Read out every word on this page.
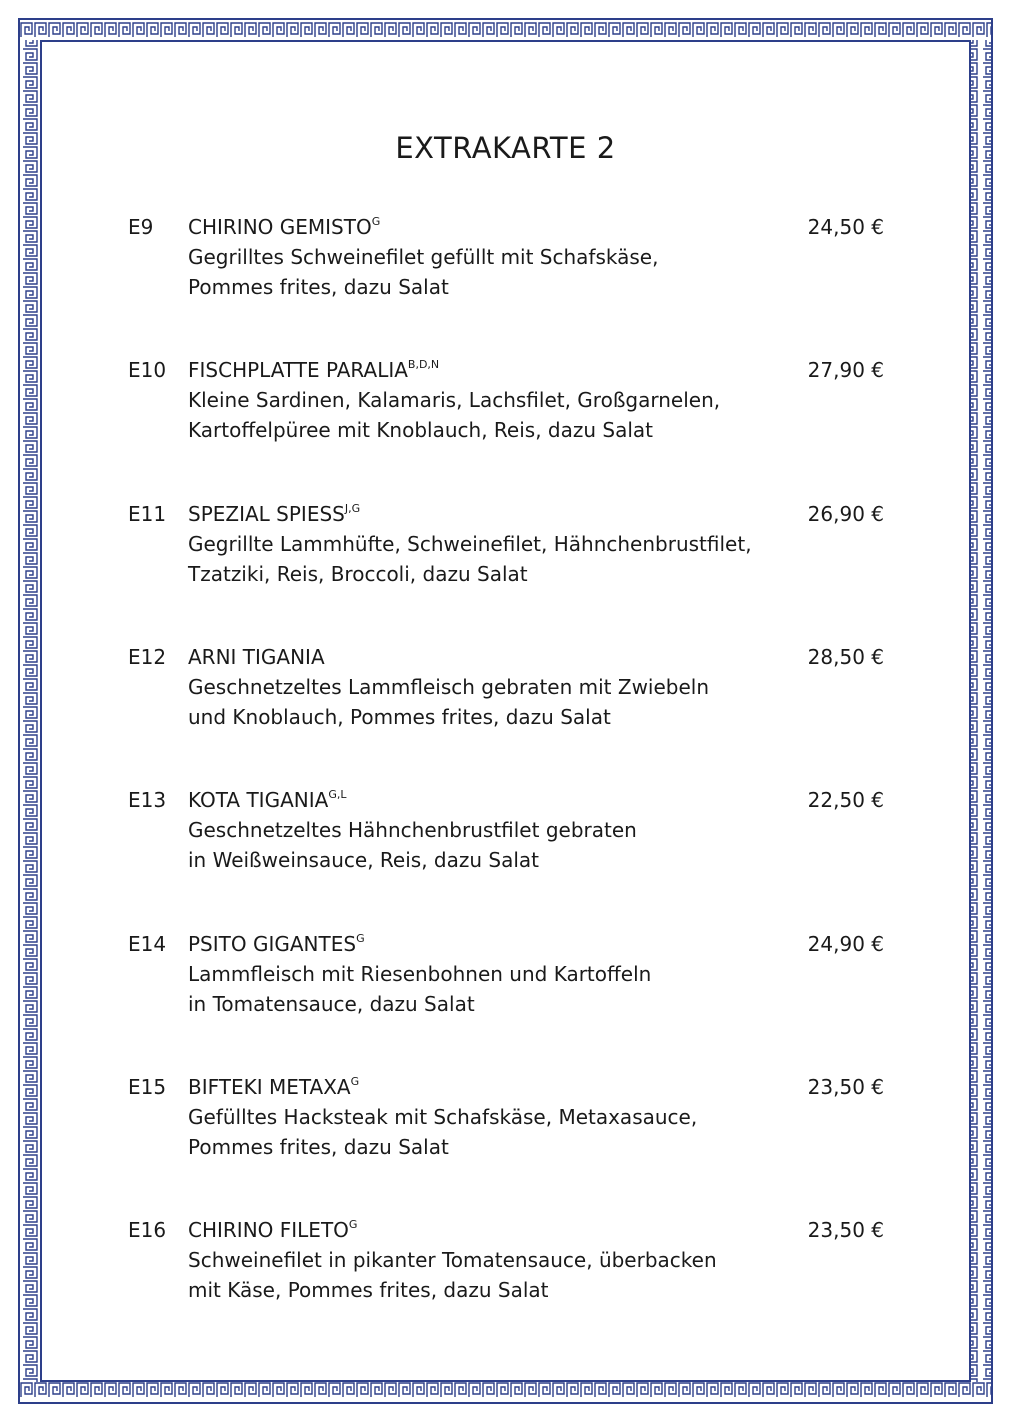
EXTRAKARTE 2
E9	CHIRINO $GEMISTO^G$
Gegrilltes Schweinefilet gefüllt mit Schafskäse,
Pommes frites, dazu Salat
24,50 €
E10	FISCHPLATTE $PARALIA^{B,D,N}$
Kleine Sardinen, Kalamaris, Lachsfilet, Großgarnelen,
Kartoffelpüree mit Knoblauch, Reis, dazu Salat
27,90 €
E11	SPEZIAL $SPIESS^{J,G}$
Gegrillte Lammhüfte, Schweinefilet, Hähnchenbrustfilet,
Tzatziki, Reis, Broccoli, dazu Salat
26,90 €
E12	ARNI TIGANIA
Geschnetzeltes Lammfleisch gebraten mit Zwiebeln
und Knoblauch, Pommes frites, dazu Salat
28,50 €
E13	KOTA $TIGANIA^{G,L}$
Geschnetzeltes Hähnchenbrustfilet gebraten
in Weißweinsauce, Reis, dazu Salat
22,50 €
E14	PSITO $GIGANTES^G$
Lammfleisch mit Riesenbohnen und Kartoffeln
in Tomatensauce, dazu Salat
24,90 €
E15	BIFTEKI $METAXA^G$
Gefülltes Hacksteak mit Schafskäse, Metaxasauce,
Pommes frites, dazu Salat
23,50 €
E16	CHIRINO $FILETO^G$
Schweinefilet in pikanter Tomatensauce, überbacken
mit Käse, Pommes frites, dazu Salat
23,50 €
